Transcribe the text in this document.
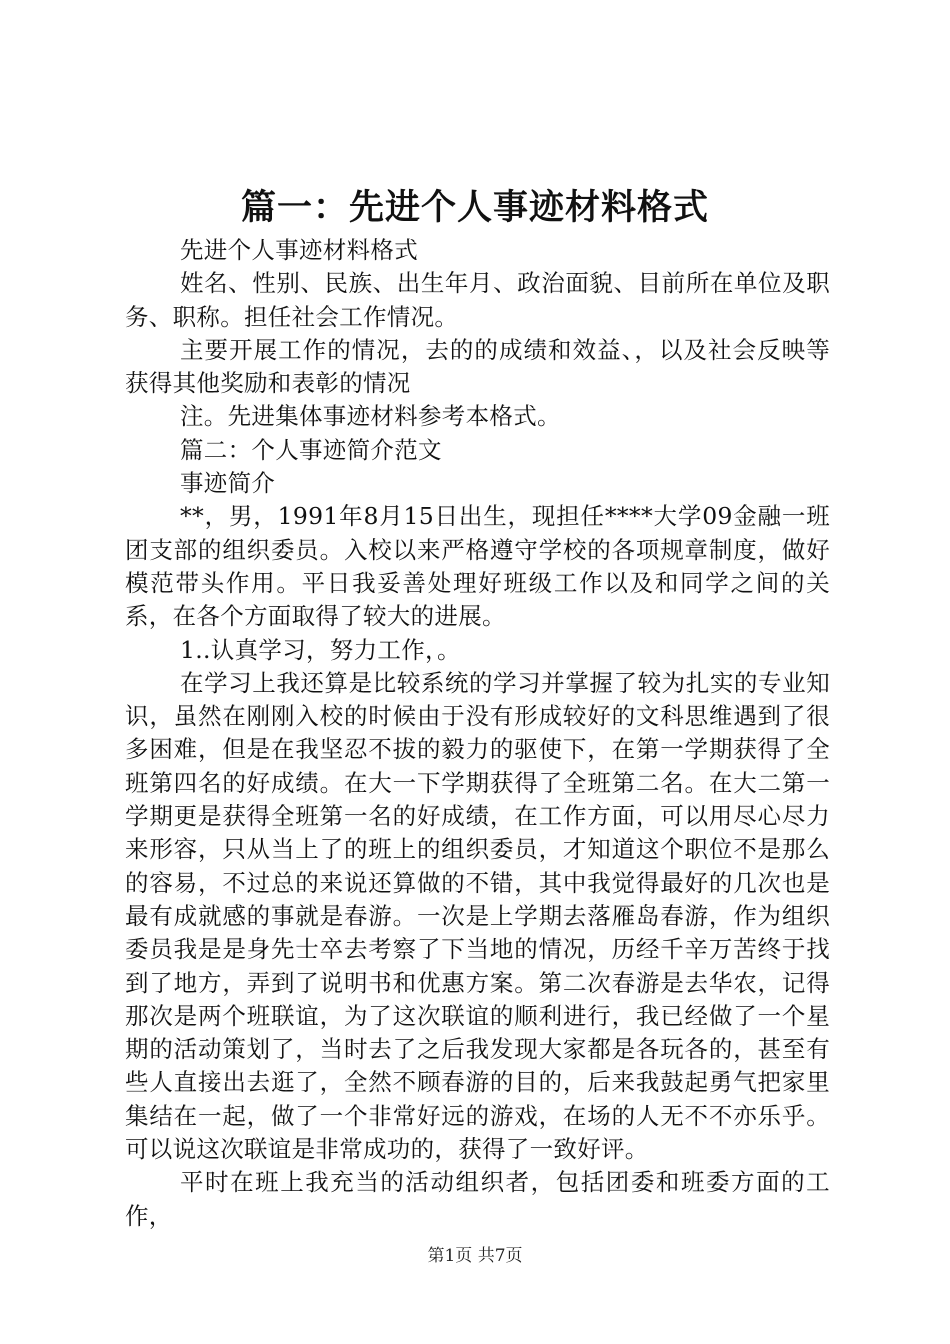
篇一：先进个人事迹材料格式

先进个人事迹材料格式

姓名、性别、民族、出生年月、政治面貌、目前所在单位及职务、职称。担任社会工作情况。

主要开展工作的情况，去的的成绩和效益、，以及社会反映等获得其他奖励和表彰的情况

注。先进集体事迹材料参考本格式。

篇二：个人事迹简介范文

事迹简介

**，男，1991年8月15日出生，现担任****大学09金融一班团支部的组织委员。入校以来严格遵守学校的各项规章制度，做好模范带头作用。平日我妥善处理好班级工作以及和同学之间的关系，在各个方面取得了较大的进展。

1..认真学习，努力工作，。

在学习上我还算是比较系统的学习并掌握了较为扎实的专业知识，虽然在刚刚入校的时候由于没有形成较好的文科思维遇到了很多困难，但是在我坚忍不拔的毅力的驱使下，在第一学期获得了全班第四名的好成绩。在大一下学期获得了全班第二名。在大二第一学期更是获得全班第一名的好成绩，在工作方面，可以用尽心尽力来形容，只从当上了的班上的组织委员，才知道这个职位不是那么的容易，不过总的来说还算做的不错，其中我觉得最好的几次也是最有成就感的事就是春游。一次是上学期去落雁岛春游，作为组织委员我是是身先士卒去考察了下当地的情况，历经千辛万苦终于找到了地方，弄到了说明书和优惠方案。第二次春游是去华农，记得那次是两个班联谊，为了这次联谊的顺利进行，我已经做了一个星期的活动策划了，当时去了之后我发现大家都是各玩各的，甚至有些人直接出去逛了，全然不顾春游的目的，后来我鼓起勇气把家里集结在一起，做了一个非常好远的游戏，在场的人无不不亦乐乎。可以说这次联谊是非常成功的，获得了一致好评。

平时在班上我充当的活动组织者，包括团委和班委方面的工作，

第1页 共7页
